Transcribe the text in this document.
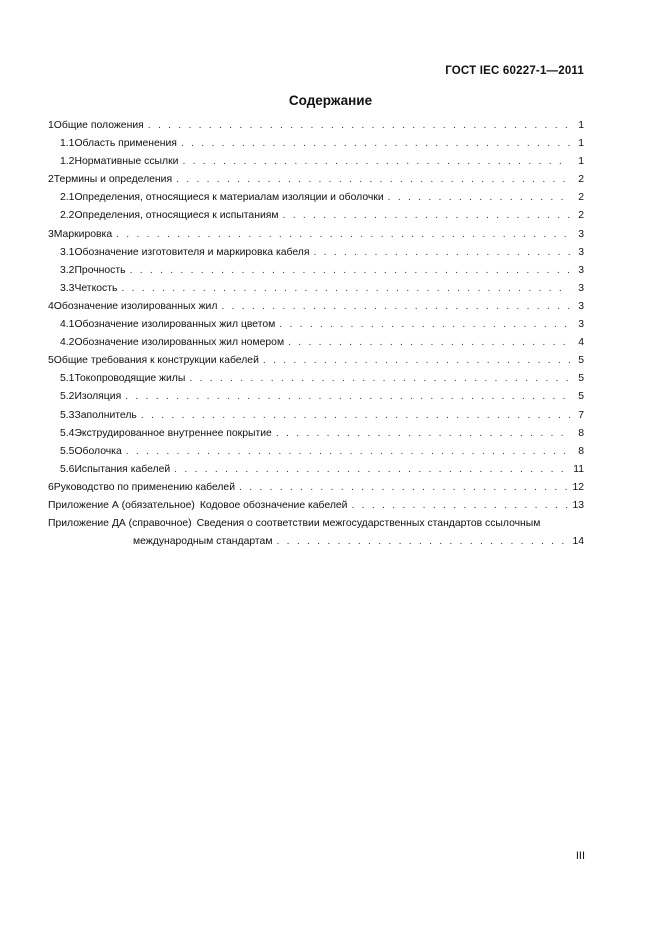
ГОСТ IEC 60227-1—2011
Содержание
1 Общие положения . . .	1
1.1 Область применения . . .	1
1.2 Нормативные ссылки . . .	1
2 Термины и определения . . .	2
2.1 Определения, относящиеся к материалам изоляции и оболочки . . .	2
2.2 Определения, относящиеся к испытаниям . . .	2
3 Маркировка . . .	3
3.1 Обозначение изготовителя и маркировка кабеля . . .	3
3.2 Прочность . . .	3
3.3 Четкость . . .	3
4 Обозначение изолированных жил . . .	3
4.1 Обозначение изолированных жил цветом . . .	3
4.2 Обозначение изолированных жил номером . . .	4
5 Общие требования к конструкции кабелей . . .	5
5.1 Токопроводящие жилы . . .	5
5.2 Изоляция . . .	5
5.3 Заполнитель . . .	7
5.4 Экструдированное внутреннее покрытие . . .	8
5.5 Оболочка . . .	8
5.6 Испытания кабелей . . .	11
6 Руководство по применению кабелей . . .	12
Приложение А (обязательное) Кодовое обозначение кабелей . . .	13
Приложение ДА (справочное) Сведения о соответствии межгосударственных стандартов ссылочным
международным стандартам . . .	14
III
